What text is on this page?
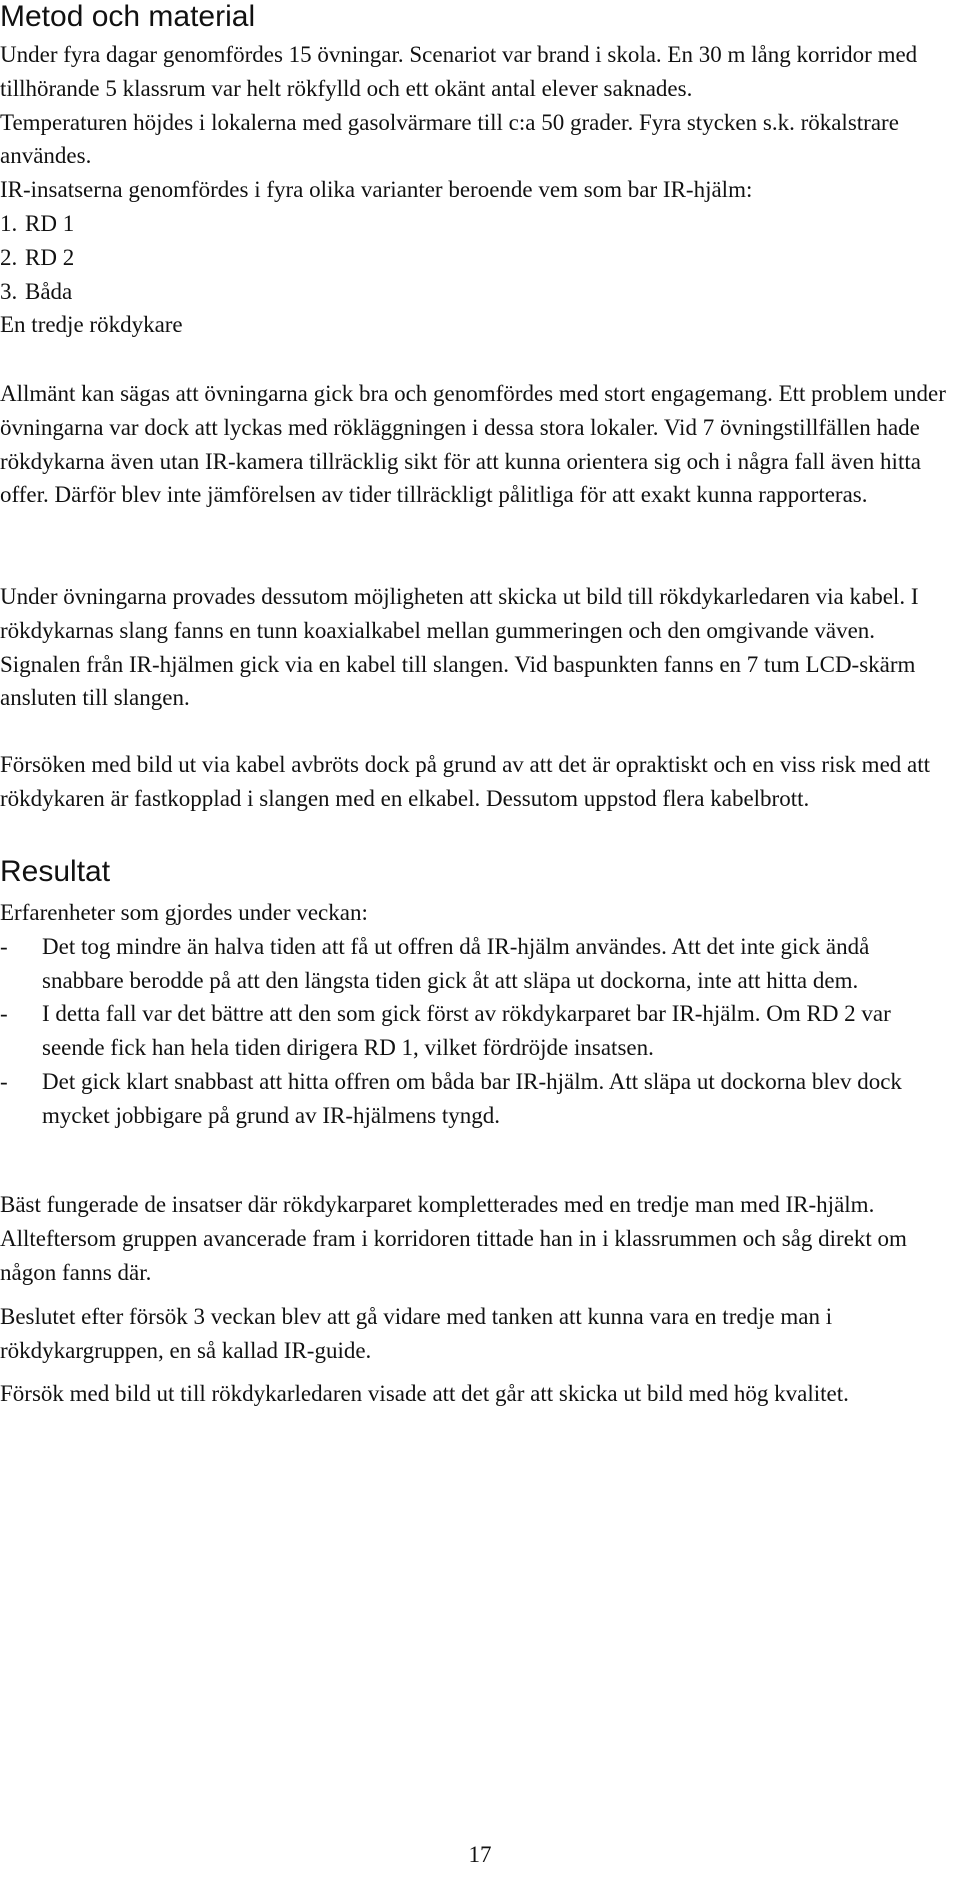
Metod och material

Under fyra dagar genomfördes 15 övningar. Scenariot var brand i skola. En 30 m lång korridor med tillhörande 5 klassrum var helt rökfylld och ett okänt antal elever saknades.

Temperaturen höjdes i lokalerna med gasolvärmare till c:a 50 grader. Fyra stycken s.k. rökalstrare användes.

IR-insatserna genomfördes i fyra olika varianter beroende vem som bar IR-hjälm:

1. RD 1
2. RD 2
3. Båda

En tredje rökdykare

Allmänt kan sägas att övningarna gick bra och genomfördes med stort engagemang. Ett problem under övningarna var dock att lyckas med rökläggningen i dessa stora lokaler. Vid 7 övningstillfällen hade rökdykarna även utan IR-kamera tillräcklig sikt för att kunna orientera sig och i några fall även hitta offer. Därför blev inte jämförelsen av tider tillräckligt pålitliga för att exakt kunna rapporteras.

Under övningarna provades dessutom möjligheten att skicka ut bild till rökdykarledaren via kabel. I rökdykarnas slang fanns en tunn koaxialkabel mellan gummeringen och den omgivande väven. Signalen från IR-hjälmen gick via en kabel till slangen. Vid baspunkten fanns en 7 tum LCD-skärm ansluten till slangen.

Försöken med bild ut via kabel avbröts dock på grund av att det är opraktiskt och en viss risk med att rökdykaren är fastkopplad i slangen med en elkabel. Dessutom uppstod flera kabelbrott.

Resultat

Erfarenheter som gjordes under veckan:

-	Det tog mindre än halva tiden att få ut offren då IR-hjälm användes. Att det inte gick ändå snabbare berodde på att den längsta tiden gick åt att släpa ut dockorna, inte att hitta dem.
-	I detta fall var det bättre att den som gick först av rökdykarparet bar IR-hjälm. Om RD 2 var seende fick han hela tiden dirigera RD 1, vilket fördröjde insatsen.
-	Det gick klart snabbast att hitta offren om båda bar IR-hjälm. Att släpa ut dockorna blev dock mycket jobbigare på grund av IR-hjälmens tyngd.

Bäst fungerade de insatser där rökdykarparet kompletterades med en tredje man med IR-hjälm. Allteftersom gruppen avancerade fram i korridoren tittade han in i klassrummen och såg direkt om någon fanns där.

Beslutet efter försök 3 veckan blev att gå vidare med tanken att kunna vara en tredje man i rökdykargruppen, en så kallad IR-guide.

Försök med bild ut till rökdykarledaren visade att det går att skicka ut bild med hög kvalitet.

17
